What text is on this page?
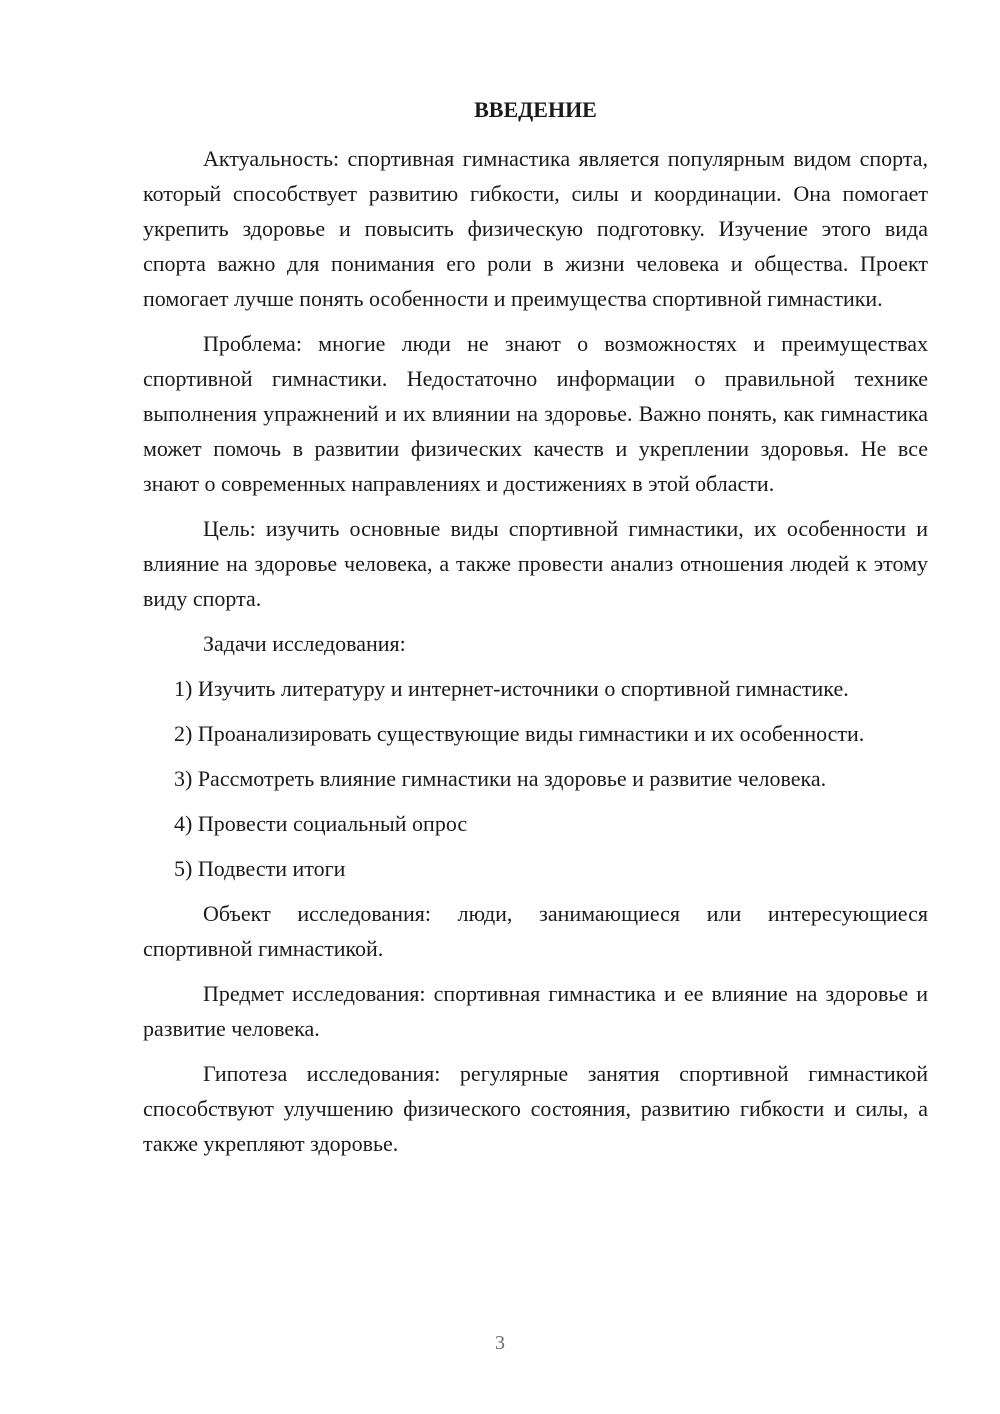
ВВЕДЕНИЕ

Актуальность: спортивная гимнастика является популярным видом спорта, который способствует развитию гибкости, силы и координации. Она помогает укрепить здоровье и повысить физическую подготовку. Изучение этого вида спорта важно для понимания его роли в жизни человека и общества. Проект помогает лучше понять особенности и преимущества спортивной гимнастики.

Проблема: многие люди не знают о возможностях и преимуществах спортивной гимнастики. Недостаточно информации о правильной технике выполнения упражнений и их влиянии на здоровье. Важно понять, как гимнастика может помочь в развитии физических качеств и укреплении здоровья. Не все знают о современных направлениях и достижениях в этой области.

Цель: изучить основные виды спортивной гимнастики, их особенности и влияние на здоровье человека, а также провести анализ отношения людей к этому виду спорта.

Задачи исследования:

1) Изучить литературу и интернет-источники о спортивной гимнастике.

2) Проанализировать существующие виды гимнастики и их особенности.

3) Рассмотреть влияние гимнастики на здоровье и развитие человека.

4) Провести социальный опрос

5) Подвести итоги

Объект исследования: люди, занимающиеся или интересующиеся спортивной гимнастикой.

Предмет исследования: спортивная гимнастика и ее влияние на здоровье и развитие человека.

Гипотеза исследования: регулярные занятия спортивной гимнастикой способствуют улучшению физического состояния, развитию гибкости и силы, а также укрепляют здоровье.

3
